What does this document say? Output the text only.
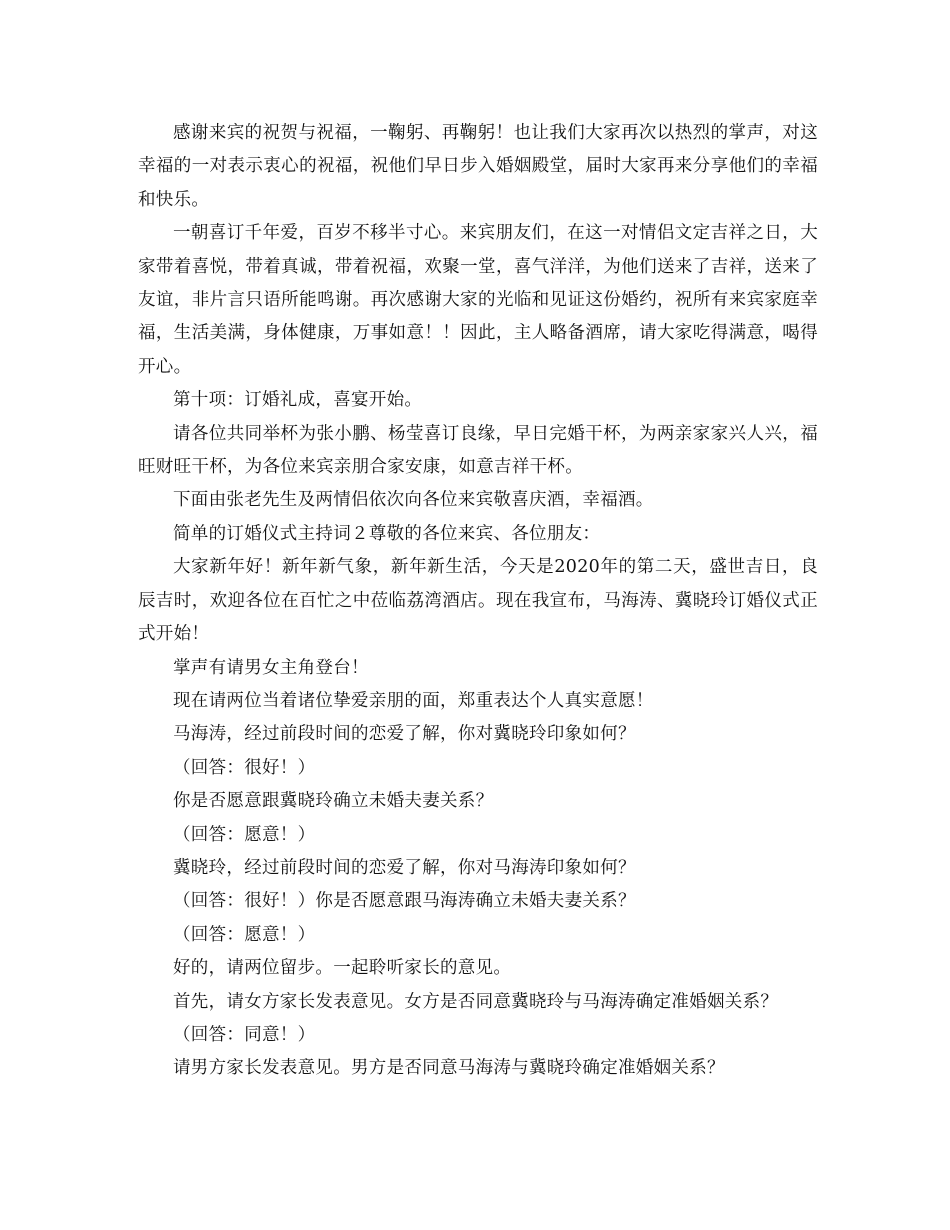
感谢来宾的祝贺与祝福，一鞠躬、再鞠躬！也让我们大家再次以热烈的掌声，对这幸福的一对表示衷心的祝福，祝他们早日步入婚姻殿堂，届时大家再来分享他们的幸福和快乐。

一朝喜订千年爱，百岁不移半寸心。来宾朋友们，在这一对情侣文定吉祥之日，大家带着喜悦，带着真诚，带着祝福，欢聚一堂，喜气洋洋，为他们送来了吉祥，送来了友谊，非片言只语所能鸣谢。再次感谢大家的光临和见证这份婚约，祝所有来宾家庭幸福，生活美满，身体健康，万事如意！！因此，主人略备酒席，请大家吃得满意，喝得开心。

第十项：订婚礼成，喜宴开始。

请各位共同举杯为张小鹏、杨莹喜订良缘，早日完婚干杯，为两亲家家兴人兴，福旺财旺干杯，为各位来宾亲朋合家安康，如意吉祥干杯。

下面由张老先生及两情侣依次向各位来宾敬喜庆酒，幸福酒。

简单的订婚仪式主持词２尊敬的各位来宾、各位朋友：

大家新年好！新年新气象，新年新生活，今天是2020年的第二天，盛世吉日，良辰吉时，欢迎各位在百忙之中莅临荔湾酒店。现在我宣布，马海涛、冀晓玲订婚仪式正式开始！

掌声有请男女主角登台！

现在请两位当着诸位挚爱亲朋的面，郑重表达个人真实意愿！

马海涛，经过前段时间的恋爱了解，你对冀晓玲印象如何？

（回答：很好！）

你是否愿意跟冀晓玲确立未婚夫妻关系？

（回答：愿意！）

冀晓玲，经过前段时间的恋爱了解，你对马海涛印象如何？

（回答：很好！）你是否愿意跟马海涛确立未婚夫妻关系？

（回答：愿意！）

好的，请两位留步。一起聆听家长的意见。

首先，请女方家长发表意见。女方是否同意冀晓玲与马海涛确定准婚姻关系？

（回答：同意！）

请男方家长发表意见。男方是否同意马海涛与冀晓玲确定准婚姻关系？
